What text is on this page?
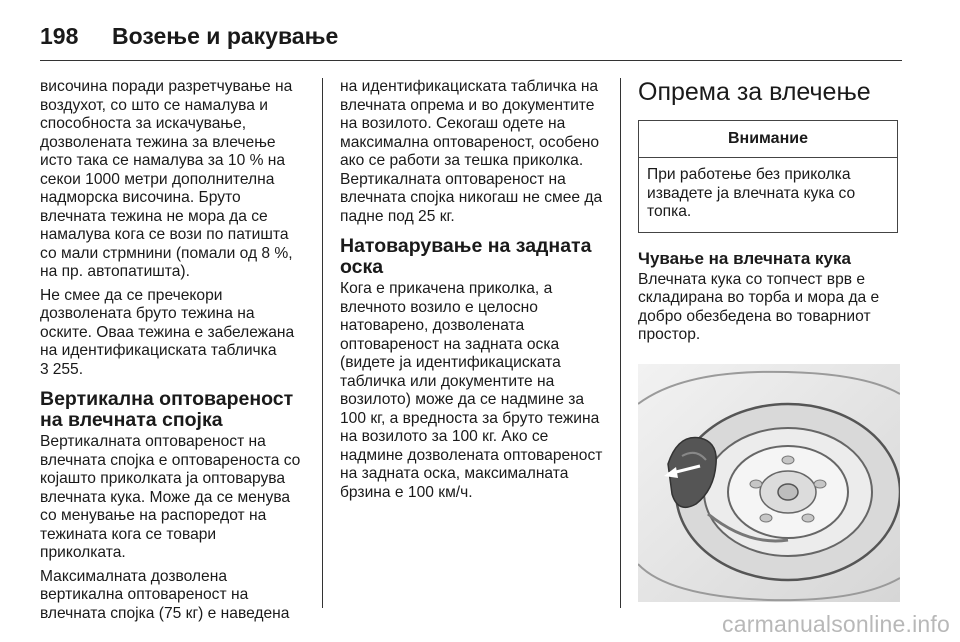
198	Возење и ракување

височина поради разретчување на воздухот, со што се намалува и способноста за искачување, дозволената тежина за влечење исто така се намалува за 10 % на секои 1000 метри дополнителна надморска височина. Бруто влечната тежина не мора да се намалува кога се вози по патишта со мали стрмнини (помали од 8 %, на пр. автопатишта).

Не смее да се пречекори дозволената бруто тежина на оските. Оваа тежина е забележана на идентификациската табличка
3 255.

Вертикална оптовареност на влечната спојка

Вертикалната оптовареност на влечната спојка е оптовареноста со којашто приколката ја оптоварува влечната кука. Може да се менува со менување на распоредот на тежината кога се товари приколката.

Максималната дозволена вертикална оптовареност на влечната спојка (75 кг) е наведена

на идентификациската табличка на влечната опрема и во документите на возилото. Секогаш одете на максимална оптовареност, особено ако се работи за тешка приколка. Вертикалната оптовареност на влечната спојка никогаш не смее да падне под 25 кг.

Натоварување на задната оска

Кога е прикачена приколка, а влечното возило е целосно натоварено, дозволената оптовареност на задната оска (видете ја идентификациската табличка или документите на возилото) може да се надмине за 100 кг, а вредноста за бруто тежина на возилото за 100 кг. Ако се надмине дозволената оптовареност на задната оска, максималната брзина е 100 км/ч.

Опрема за влечење
Внимание
При работење без приколка извадете ја влечната кука со топка.
Чување на влечната кука

Влечната кука со топчест врв е складирана во торба и мора да е добро обезбедена во товарниот простор.

carmanualsonline.info
